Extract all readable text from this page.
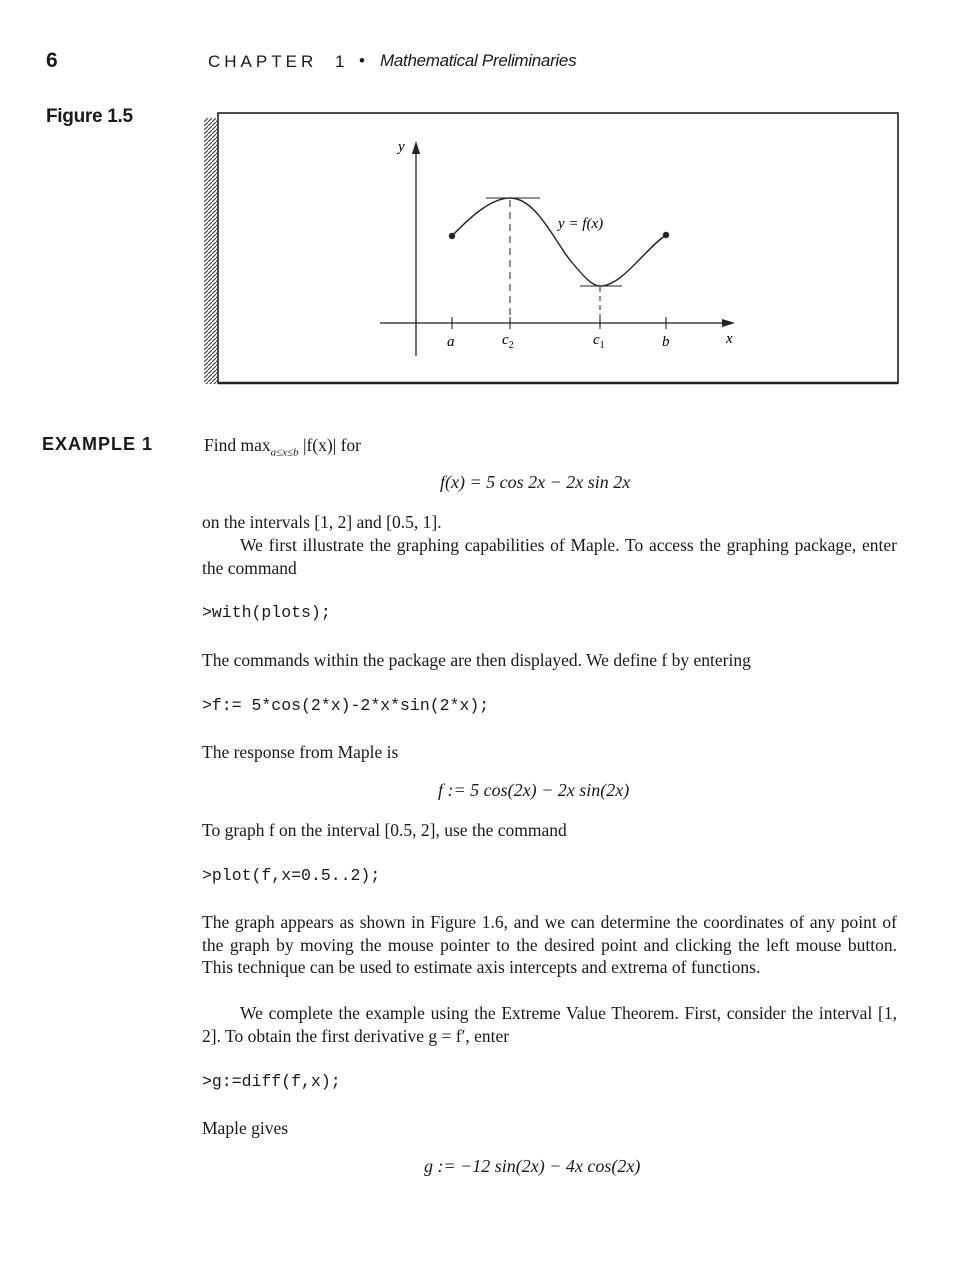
6	CHAPTER 1 • Mathematical Preliminaries
Figure 1.5
y
x
y = f(x)
a	$c_2$	$c_1$	b
EXAMPLE 1	Find $\max_{a\le x\le b} |f(x)|$ for
f(x) = 5 cos 2x − 2x sin 2x
on the intervals [1, 2] and [0.5, 1].
We first illustrate the graphing capabilities of Maple. To access the graphing package, enter the command
>with(plots);
The commands within the package are then displayed. We define f by entering
>f:= 5*cos(2*x)-2*x*sin(2*x);
The response from Maple is
f := 5 cos(2x) − 2x sin(2x)
To graph f on the interval [0.5, 2], use the command
>plot(f,x=0.5..2);
The graph appears as shown in Figure 1.6, and we can determine the coordinates of any point of the graph by moving the mouse pointer to the desired point and clicking the left mouse button. This technique can be used to estimate axis intercepts and extrema of functions.
We complete the example using the Extreme Value Theorem. First, consider the interval [1, 2]. To obtain the first derivative g = f′, enter
>g:=diff(f,x);
Maple gives
g := −12 sin(2x) − 4x cos(2x)
